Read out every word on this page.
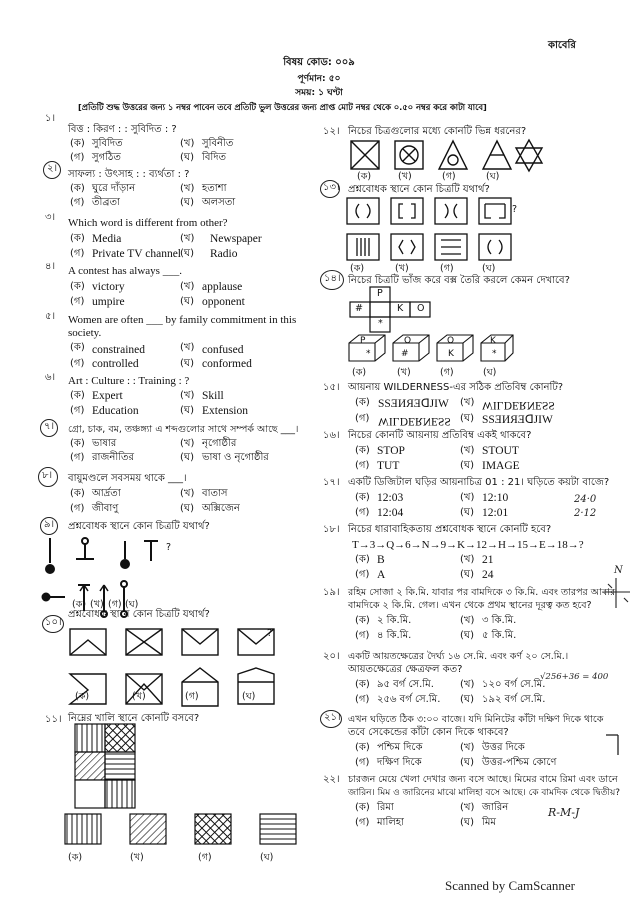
কাবেরি
বিষয় কোড: ০০৯
পূর্ণমান: ৫০
সময়: ১ ঘণ্টা
[প্রতিটি শুদ্ধ উত্তরের জন্য ১ নম্বর পাবেন তবে প্রতিটি ভুল উত্তরের জন্য প্রাপ্ত মোট নম্বর থেকে ০.৫০ নম্বর করে কাটা যাবে]
১।
বিত্ত : কিরণ : : সুবিদিত : ?
(ক) সুবিদিত	(খ) সুবিনীত
(গ) সুগঠিত	(ঘ) বিদিত
২।
সাফল্য : উৎসাহ : : ব্যর্থতা : ?
(ক) ঘুরে দাঁড়ান	(খ) হতাশা
(গ) তীব্রতা	(ঘ) অলসতা
৩। Which word is different from other?
(ক) Media	(খ) Newspaper
(গ) Private TV channel (ঘ) Radio
৪। A contest has always ___.
(ক) victory	(খ) applause
(গ) umpire	(ঘ) opponent
৫। Women are often ___ by family commitment in this
society.
(ক) constrained	(খ) confused
(গ) controlled	(ঘ) conformed
৬। Art : Culture : : Training : ?
(ক) Expert	(খ) Skill
(গ) Education	(ঘ) Extension
৭। গ্রো, চাক, বম, তঞ্চঙ্গ্যা এ শব্দগুলোর সাথে সম্পর্ক আছে ___।
(ক) ভাষার	(খ) নৃগোষ্ঠীর
(গ) রাজনীতির	(ঘ) ভাষা ও নৃগোষ্ঠীর
৮। বায়ুমণ্ডলে সবসময় থাকে ___।
(ক) আর্দ্রতা	(খ) বাতাস
(গ) জীবাণু	(ঘ) অক্সিজেন
৯। প্রশ্নবোধক স্থানে কোন চিত্রটি যথার্থ?
?
(ক) (খ) (গ) (ঘ)
১০।
প্রশ্নবোধক স্থানে কোন চিত্রটি যথার্থ?
?
(ক)	(খ)	(গ)	(ঘ)
১১। নিম্নের খালি স্থানে কোনটি বসবে?
(ক)	(খ)	(গ)	(ঘ)
১২। নিচের চিত্রগুলোর মধ্যে কোনটি ভিন্ন ধরনের?
(ক)	(খ)	(গ)	(ঘ)
১৩। প্রশ্নবোধক স্থানে কোন চিত্রটি যথার্থ?
?
(ক)	(খ)	(গ)	(ঘ)
১৪। নিচের চিত্রটি ভাঁজ করে বক্স তৈরি করলে কেমন দেখাবে?
P
#	K O
*
P
*
O
#
O
K
K
*
(ক)	(খ)	(গ)	(ঘ)
১৫। আয়নায় WILDERNESS-এর সঠিক প্রতিবিম্ব কোনটি?
(ক) SSƎИЯƎᗡJIW (খ) WILDERNESS
(গ) WILDERNESS (ঘ) SSƎИЯƎᗡJIW
১৬। নিচের কোনটি আয়নায় প্রতিবিম্ব একই থাকবে?
(ক) STOP	(খ) STOUT
(গ) TUT	(ঘ) IMAGE
১৭। একটি ডিজিটাল ঘড়ির আয়নাচিত্র 01 : 21। ঘড়িতে কয়টা বাজে?
(ক) 12:03	(খ) 12:10
(গ) 12:04	(ঘ) 12:01
24·0
2·12
১৮। নিচের ধারাবাহিকতায় প্রশ্নবোধক স্থানে কোনটি হবে?
T→3→Q→6→N→9→K→12→H→15→E→18→?
(ক) B	(খ) 21
(গ) A	(ঘ) 24
১৯। রহিম সোজা ২ কি.মি. যাবার পর বামদিকে ৩ কি.মি. এবং তারপর আবার
বামদিকে ২ কি.মি. গেল। এখন থেকে প্রথম স্থানের দূরত্ব কত হবে?
(ক) ২ কি.মি.	(খ) ৩ কি.মি.
(গ) ৪ কি.মি.	(ঘ) ৫ কি.মি.
N
২০। একটি আয়তক্ষেত্রের দৈর্ঘ্য ১৬ সে.মি. এবং কর্ণ ২০ সে.মি.।
আয়তক্ষেত্রের ক্ষেত্রফল কত?
(ক) ৯৫ বর্গ সে.মি.	(খ) ১২০ বর্গ সে.মি.
(গ) ২৫৬ বর্গ সে.মি. (ঘ) ১৯২ বর্গ সে.মি.
√256+36 = 400
২১। এখন ঘড়িতে ঠিক ৩:০০ বাজে। যদি মিনিটের কাঁটা দক্ষিণ দিকে থাকে
তবে সেকেন্ডের কাঁটা কোন দিকে থাকবে?
(ক) পশ্চিম দিকে	(খ) উত্তর দিকে
(গ) দক্ষিণ দিকে	(ঘ) উত্তর-পশ্চিম কোণে
২২। চারজন মেয়ে খেলা দেখার জন্য বসে আছে। মিমের বামে রিমা এবং ডানে
জারিন। মিম ও জারিনের মাঝে মালিহা বসে আছে। কে বামদিক থেকে দ্বিতীয়?
(ক) রিমা	(খ) জারিন
(গ) মালিহা	(ঘ) মিম
R-M-J
Scanned by CamScanner
